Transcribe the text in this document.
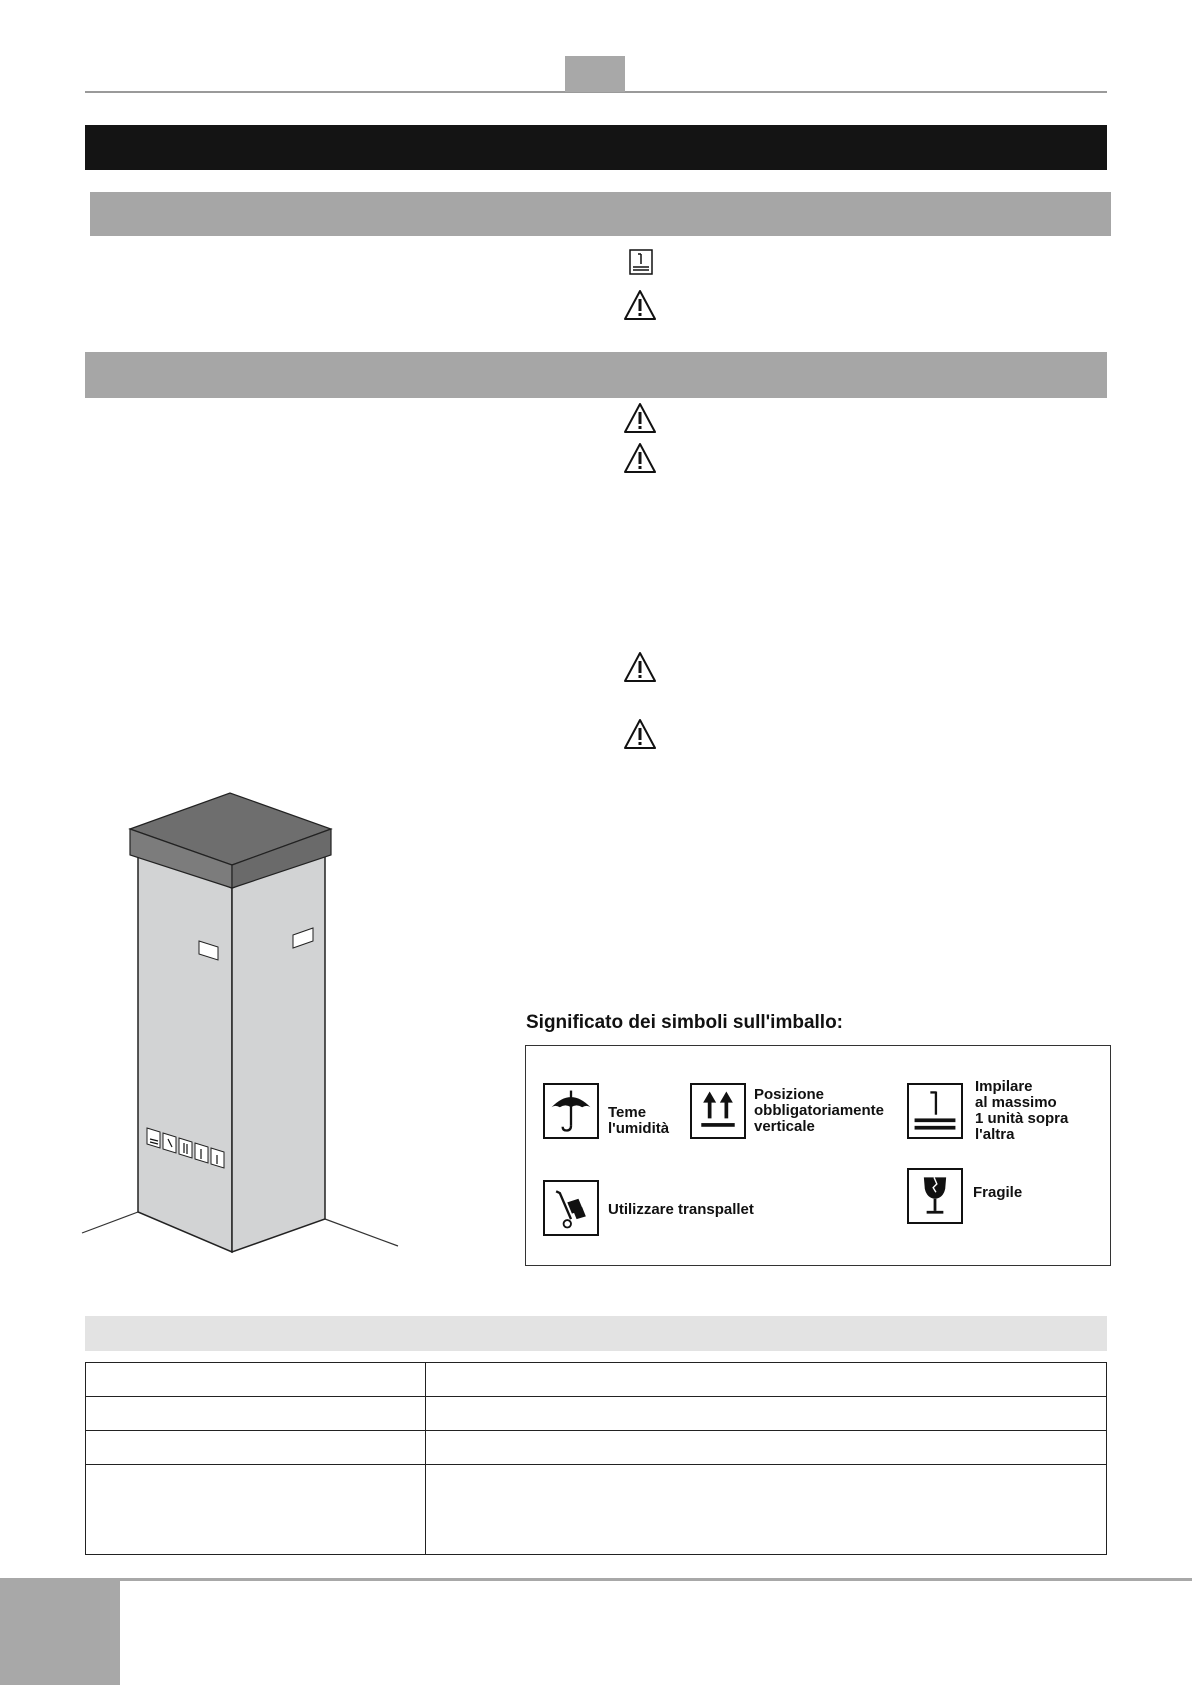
Significato dei simboli sull'imballo:
Teme
l'umidità
Posizione
obbligatoriamente
verticale
Impilare
al massimo
1 unità sopra
l'altra
Utilizzare transpallet
Fragile
